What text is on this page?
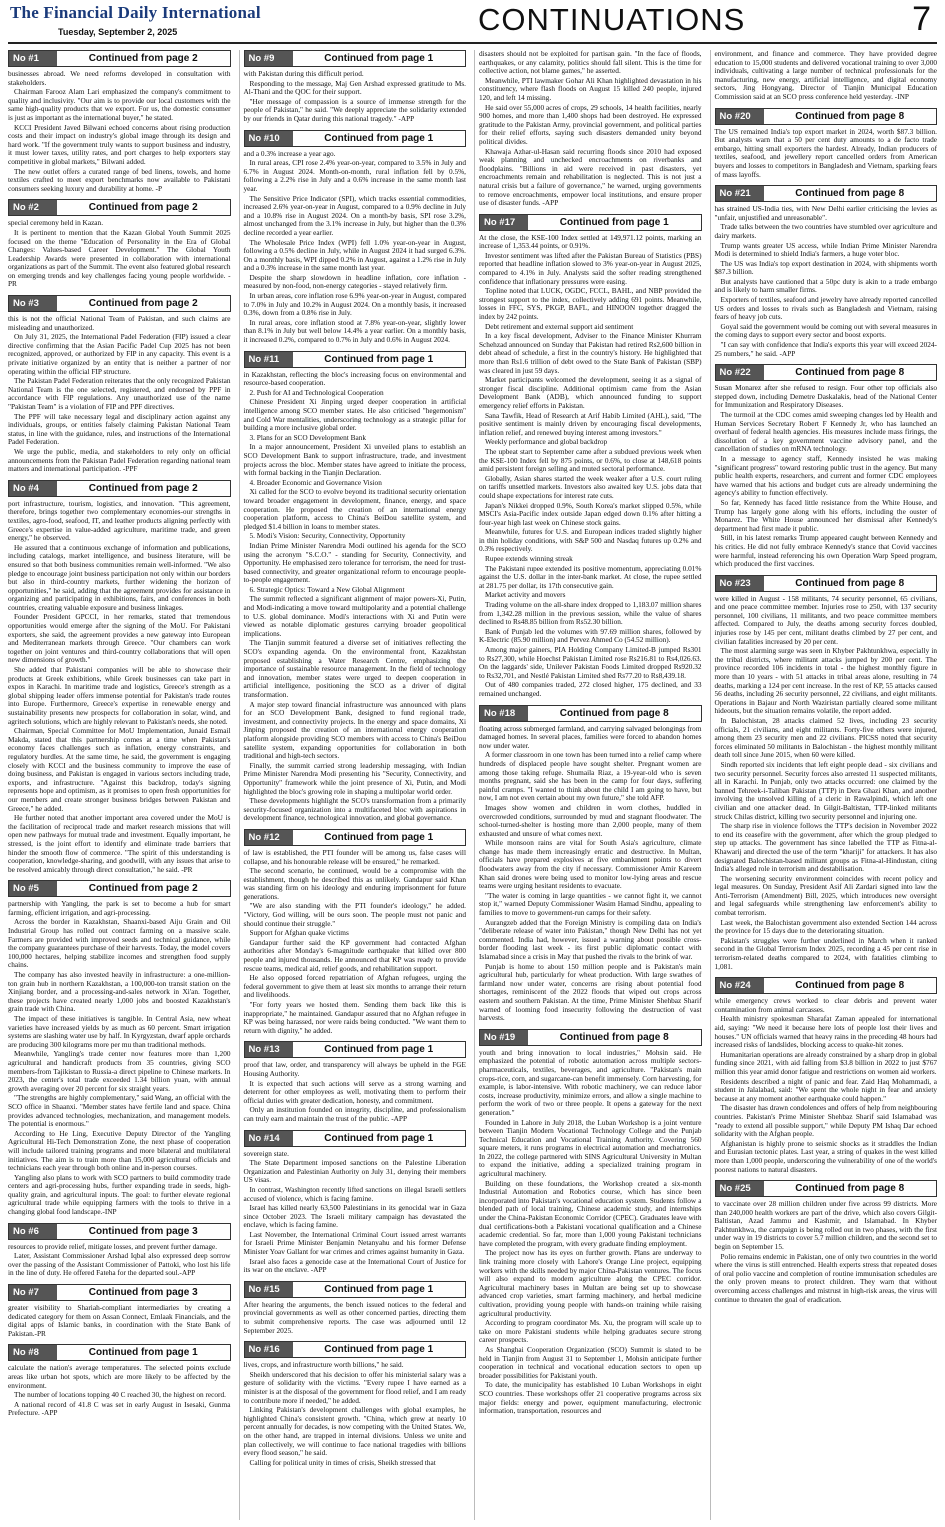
The Financial Daily International
Tuesday, September 2, 2025	CONTINUATIONS	7
No #1	Continued from page 2

businesses abroad. We need reforms developed in consultation with stakeholders.

Chairman Farooz Alam Lari emphasized the company's commitment to quality and inclusivity. "Our aim is to provide our local customers with the same high-quality products that we export. For us, the domestic consumer is just as important as the international buyer," he stated.

KCCI President Javed Bilwani echoed concerns about rising production costs and their impact on industry's global image through its design and hard work. "If the government truly wants to support business and industry, it must lower taxes, utility rates, and port charges to help exporters stay competitive in global markets," Bilwani added.

The new outlet offers a curated range of bed linens, towels, and home textiles crafted to meet export benchmarks now available to Pakistani consumers seeking luxury and durability at home. -P

No #2	Continued from page 2

special ceremony held in Kazan.

It is pertinent to mention that the Kazan Global Youth Summit 2025 focused on the theme "Education of Personality in the Era of Global Changes: Values-based Career Development." The Global Youth Leadership Awards were presented in collaboration with international organizations as part of the Summit. The event also featured global research on emerging trends and key challenges facing young people worldwide. -PR

No #3	Continued from page 2

this is not the official National Team of Pakistan, and such claims are misleading and unauthorized.

On July 31, 2025, the International Padel Federation (FIP) issued a clear directive confirming that the Asian Pacific Padel Cup 2025 has not been recognized, approved, or authorized by FIP in any capacity. This event is a private initiative organized by an entity that is neither a partner of nor operating within the official FIP structure.

The Pakistan Padel Federation reiterates that the only recognized Pakistan National Team is the one selected, registered, and endorsed by PPF in accordance with FIP regulations. Any unauthorized use of the name "Pakistan Team" is a violation of FIP and PPF directives.

The PPF will take necessary legal and disciplinary action against any individuals, groups, or entities falsely claiming Pakistan National Team status, in line with the guidance, rules, and instructions of the International Padel Federation.

We urge the public, media, and stakeholders to rely only on official announcements from the Pakistan Padel Federation regarding national team matters and international participation. -PPF

No #4	Continued from page 2

port infrastructure, tourism, logistics, and innovation. "This agreement, therefore, brings together two complementary economies-our strengths in textiles, agro-food, seafood, IT, and leather products aligning perfectly with Greece's expertise in value-added agriculture, maritime trade, and green energy," he observed.

He assured that a continuous exchange of information and publications, including catalogs, market intelligence, and business literature, will be ensured so that both business communities remain well-informed. "We also pledge to encourage joint business participation not only within our borders but also in third-country markets, further widening the horizon of opportunities," he said, adding that the agreement provides for assistance in organizing and participating in exhibitions, fairs, and conferences in both countries, creating valuable exposure and business linkages.

Founder President GPCCI, in her remarks, stated that tremendous opportunities would emerge after the signing of the MoU. For Pakistani exporters, she said, the agreement provides a new gateway into European and Mediterranean markets through Greece. "Our chambers can work together on joint ventures and third-country collaborations that will open new dimensions of growth."

She added that Pakistani companies will be able to showcase their products at Greek exhibitions, while Greek businesses can take part in expos in Karachi. In maritime trade and logistics, Greece's strength as a global shipping leader offers immense potential for Pakistan's trade routes into Europe. Furthermore, Greece's expertise in renewable energy and sustainability presents new prospects for collaboration in solar, wind, and agritech solutions, which are highly relevant to Pakistan's needs, she noted.

Chairman, Special Committee for MoU Implementation, Junaid Esmail Makda, stated that this partnership comes at a time when Pakistan's economy faces challenges such as inflation, energy constraints, and regulatory hurdles. At the same time, he said, the government is engaging closely with KCCI and the business community to improve the ease of doing business, and Pakistan is engaged in various sectors including trade, exports, and infrastructure. "Against this backdrop, today's signing represents hope and optimism, as it promises to open fresh opportunities for our members and create stronger business bridges between Pakistan and Greece," he added.

He further noted that another important area covered under the MoU is the facilitation of reciprocal trade and market research missions that will open new pathways for mutual trade and investment. Equally important, he stressed, is the joint effort to identify and eliminate trade barriers that hinder the smooth flow of commerce. "The spirit of this understanding is cooperation, knowledge-sharing, and goodwill, with any issues that arise to be resolved amicably through direct consultation," he said. -PR

No #5	Continued from page 2

partnership with Yangling, the park is set to become a hub for smart farming, efficient irrigation, and agri-processing.

Across the border in Kazakhstan, Shaanxi-based Aiju Grain and Oil Industrial Group has rolled out contract farming on a massive scale. Farmers are provided with improved seeds and technical guidance, while the company guarantees purchase of their harvests. Today, the model covers 100,000 hectares, helping stabilize incomes and strengthen food supply chains.

The company has also invested heavily in infrastructure: a one-million-ton grain hub in northern Kazakhstan, a 100,000-ton transit station on the Xinjiang border, and a processing-and-sales network in Xi'an. Together, these projects have created nearly 1,000 jobs and boosted Kazakhstan's grain trade with China.

The impact of these initiatives is tangible. In Central Asia, new wheat varieties have increased yields by as much as 60 percent. Smart irrigation systems are slashing water use by half. In Kyrgyzstan, dwarf apple orchards are producing 300 kilograms more per mu than traditional methods.

Meanwhile, Yangling's trade center now features more than 1,200 agricultural and handicraft products from 35 countries, giving SCO members-from Tajikistan to Russia-a direct pipeline to Chinese markets. In 2023, the center's total trade exceeded 1.34 billion yuan, with annual growth averaging over 20 percent for six straight years.

"The strengths are highly complementary," said Wang, an official with the SCO office in Shaanxi. "Member states have fertile land and space. China provides advanced technologies, mechanization, and management models. The potential is enormous."

According to He Ling, Executive Deputy Director of the Yangling Agricultural Hi-Tech Demonstration Zone, the next phase of cooperation will include tailored training programs and more bilateral and multilateral initiatives. The aim is to train more than 15,000 agricultural officials and technicians each year through both online and in-person courses.

Yangling also plans to work with SCO partners to build commodity trade centers and agri-processing hubs, further expanding trade in seeds, high-quality grain, and agricultural inputs. The goal: to further elevate regional agricultural trade while equipping farmers with the tools to thrive in a changing global food landscape.-INP

No #6	Continued from page 3

resources to provide relief, mitigate losses, and prevent further damage.

Later, Assistant Commissioner Arshad Iqbal also expressed deep sorrow over the passing of the Assistant Commissioner of Pattoki, who lost his life in the line of duty. He offered Fateha for the departed soul.-APP

No #7	Continued from page 3

greater visibility to Shariah-compliant intermediaries by creating a dedicated category for them on Assan Connect, Emlaak Financials, and the digital apps of Islamic banks, in coordination with the State Bank of Pakistan.-PR

No #8	Continued from page 1

calculate the nation's average temperatures. The selected points exclude areas like urban hot spots, which are more likely to be affected by the environment.

The number of locations topping 40 C reached 30, the highest on record.

A national record of 41.8 C was set in early August in Isesaki, Gunma Prefecture. -APP

No #9	Continued from page 1

with Pakistan during this difficult period.

Responding to the message, Maj Gen Arshad expressed gratitude to Ms. Al-Thani and the QOC for their support.

"Her message of compassion is a source of immense strength for the people of Pakistan," he said. "We deeply appreciate the solidarity extended by our friends in Qatar during this national tragedy." -APP

No #10	Continued from page 1

and a 0.3% increase a year ago.

In rural areas, CPI rose 2.4% year-on-year, compared to 3.5% in July and 6.7% in August 2024. Month-on-month, rural inflation fell by 0.5%, following a 2.2% rise in July and a 0.6% increase in the same month last year.

The Sensitive Price Indicator (SPI), which tracks essential commodities, increased 2.6% year-on-year in August, compared to a 0.9% decline in July and a 10.8% rise in August 2024. On a month-by basis, SPI rose 3.2%, almost unchanged from the 3.1% increase in July, but higher than the 0.3% decline recorded a year earlier.

The Wholesale Price Index (WPI) fell 1.0% year-on-year in August, following a 0.5% decline in July, while in August 2024 it had surged 6.3%. On a monthly basis, WPI dipped 0.2% in August, against a 1.2% rise in July and a 0.3% increase in the same month last year.

Despite the sharp slowdown in headline inflation, core inflation - measured by non-food, non-energy categories - stayed relatively firm.

In urban areas, core inflation rose 6.9% year-on-year in August, compared to 7.0% in July and 10.2% in August 2024. On a monthly basis, it increased 0.3%, down from a 0.8% rise in July.

In rural areas, core inflation stood at 7.8% year-on-year, slightly lower than 8.1% in July but well below 14.4% a year earlier. On a monthly basis, it increased 0.2%, compared to 0.7% in July and 0.6% in August 2024.

No #11	Continued from page 1

in Kazakhstan, reflecting the bloc's increasing focus on environmental and resource-based cooperation.

2. Push for AI and Technological Cooperation

Chinese President Xi Jinping urged deeper cooperation in artificial intelligence among SCO member states. He also criticised "hegemonism" and Cold War mentalities, underscoring technology as a strategic pillar for building a more inclusive global order.

3. Plans for an SCO Development Bank

In a major announcement, President Xi unveiled plans to establish an SCO Development Bank to support infrastructure, trade, and investment projects across the bloc. Member states have agreed to initiate the process, with formal backing in the Tianjin Declaration.

4. Broader Economic and Governance Vision

Xi called for the SCO to evolve beyond its traditional security orientation toward broader engagement in development, finance, energy, and space cooperation. He proposed the creation of an international energy cooperation platform, access to China's BeiDou satellite system, and pledged $1.4 billion in loans to member states.

5. Modi's Vision: Security, Connectivity, Opportunity

Indian Prime Minister Narendra Modi outlined his agenda for the SCO using the acronym "S.C.O." - standing for Security, Connectivity, and Opportunity. He emphasised zero tolerance for terrorism, the need for trust-based connectivity, and greater organizational reform to encourage people-to-people engagement.

6. Strategic Optics: Toward a New Global Alignment

The summit reflected a significant alignment of major powers-Xi, Putin, and Modi-indicating a move toward multipolarity and a potential challenge to U.S. global dominance. Modi's interactions with Xi and Putin were viewed as notable diplomatic gestures carrying broader geopolitical implications.

The Tianjin summit featured a diverse set of initiatives reflecting the SCO's expanding agenda. On the environmental front, Kazakhstan proposed establishing a Water Research Centre, emphasizing the importance of sustainable resource management. In the field of technology and innovation, member states were urged to deepen cooperation in artificial intelligence, positioning the SCO as a driver of digital transformation.

A major step toward financial infrastructure was announced with plans for an SCO Development Bank, designed to fund regional trade, investment, and connectivity projects. In the energy and space domains, Xi Jinping proposed the creation of an international energy cooperation platform alongside providing SCO members with access to China's BeiDou satellite system, expanding opportunities for collaboration in both traditional and high-tech sectors.

Finally, the summit carried strong leadership messaging, with Indian Prime Minister Narendra Modi presenting his "Security, Connectivity, and Opportunity" framework while the joint presence of Xi, Putin, and Modi highlighted the bloc's growing role in shaping a multipolar world order.

These developments highlight the SCO's transformation from a primarily security-focused organization into a multifaceted bloc with aspirations in development finance, technological innovation, and global governance.

No #12	Continued from page 1

of law is established, the PTI founder will be among us, false cases will collapse, and his honourable release will be ensured," he remarked.

The second scenario, he continued, would be a compromise with the establishment, though he described this as unlikely. Gandapur said Khan was standing firm on his ideology and enduring imprisonment for future generations.

"We are also standing with the PTI founder's ideology," he added. "Victory, God willing, will be ours soon. The people must not panic and should continue their struggle."

Support for Afghan quake victims

Gandapur further said the KP government had contacted Afghan authorities after Monday's 6-magnitude earthquake that killed over 800 people and injured thousands. He announced that KP was ready to provide rescue teams, medical aid, relief goods, and rehabilitation support.

He also opposed forced repatriation of Afghan refugees, urging the federal government to give them at least six months to arrange their return and livelihoods.

"For forty years we hosted them. Sending them back like this is inappropriate," he maintained. Gandapur assured that no Afghan refugee in KP was being harassed, nor were raids being conducted. "We want them to return with dignity," he added.

No #13	Continued from page 1

proof that law, order, and transparency will always be upheld in the FGE Housing Authority.

It is expected that such actions will serve as a strong warning and deterrent for other employees as well, motivating them to perform their official duties with greater dedication, honesty, and commitment.

Only an institution founded on integrity, discipline, and professionalism can truly earn and maintain the trust of the public. -APP

No #14	Continued from page 1

sovereign state.

The State Department imposed sanctions on the Palestine Liberation Organization and Palestinian Authority on July 31, denying their members US visas.

In contrast, Washington recently lifted sanctions on illegal Israeli settlers accused of violence, which is facing famine.

Israel has killed nearly 63,500 Palestinians in its genocidal war in Gaza since October 2023. The Israeli military campaign has devastated the enclave, which is facing famine.

Last November, the International Criminal Court issued arrest warrants for Israeli Prime Minister Benjamin Netanyahu and his former Defense Minister Yoav Gallant for war crimes and crimes against humanity in Gaza.

Israel also faces a genocide case at the International Court of Justice for its war on the enclave. -APP

No #15	Continued from page 1

After hearing the arguments, the bench issued notices to the federal and provincial governments as well as other concerned parties, directing them to submit comprehensive reports. The case was adjourned until 12 September 2025.

No #16	Continued from page 1

lives, crops, and infrastructure worth billions," he said.

Sheikh underscored that his decision to offer his ministerial salary was a gesture of solidarity with the victims. "Every rupee I have earned as a minister is at the disposal of the government for flood relief, and I am ready to contribute more if needed," he added.

Linking Pakistan's development challenges with global examples, he highlighted China's consistent growth. "China, which grew at nearly 10 percent annually for decades, is now competing with the United States. We, on the other hand, are trapped in internal divisions. Unless we unite and plan collectively, we will continue to face national tragedies with billions every flood season," he said.

Calling for political unity in times of crisis, Sheikh stressed that

disasters should not be exploited for partisan gain. "In the face of floods, earthquakes, or any calamity, politics should fall silent. This is the time for collective action, not blame games," he asserted.

Meanwhile, PTI lawmaker Gohar Ali Khan highlighted devastation in his constituency, where flash floods on August 15 killed 240 people, injured 120, and left 14 missing.

He said over 55,000 acres of crops, 29 schools, 14 health facilities, nearly 900 homes, and more than 1,400 shops had been destroyed. He expressed gratitude to the Pakistan Army, provincial government, and political parties for their relief efforts, saying such disasters demanded unity beyond political divides.

Khawaja Azhar-ul-Hasan said recurring floods since 2010 had exposed weak planning and unchecked encroachments on riverbanks and floodplains. "Billions in aid were received in past disasters, yet encroachments remain and rehabilitation is neglected. This is not just a natural crisis but a failure of governance," he warned, urging governments to remove encroachments, empower local institutions, and ensure proper use of disaster funds. -APP

No #17	Continued from page 1

At the close, the KSE-100 Index settled at 149,971.12 points, marking an increase of 1,353.44 points, or 0.91%.

Investor sentiment was lifted after the Pakistan Bureau of Statistics (PBS) reported that headline inflation slowed to 3% year-on-year in August 2025, compared to 4.1% in July. Analysts said the softer reading strengthened confidence that inflationary pressures were easing.

Topline noted that LUCK, OGDC, FCCL, BAHL, and NBP provided the strongest support to the index, collectively adding 691 points. Meanwhile, losses in FFC, SYS, PKGP, BAFL, and HINOON together dragged the index by 242 points.

Debt retirement and external support aid sentiment

In a key fiscal development, Adviser to the Finance Minister Khurram Schehzad announced on Sunday that Pakistan had retired Rs2,600 billion in debt ahead of schedule, a first in the country's history. He highlighted that more than Rs1.6 trillion of debt owed to the State Bank of Pakistan (SBP) was cleared in just 59 days.

Market participants welcomed the development, seeing it as a signal of stronger fiscal discipline. Additional optimism came from the Asian Development Bank (ADB), which announced funding to support emergency relief efforts in Pakistan.

Sana Tawfik, Head of Research at Arif Habib Limited (AHL), said, "The positive sentiment is mainly driven by encouraging fiscal developments, inflation relief, and renewed buying interest among investors."

Weekly performance and global backdrop

The upbeat start to September came after a subdued previous week when the KSE-100 Index fell by 875 points, or 0.6%, to close at 148,618 points amid persistent foreign selling and muted sectoral performance.

Globally, Asian shares started the week weaker after a U.S. court ruling on tariffs unsettled markets. Investors also awaited key U.S. jobs data that could shape expectations for interest rate cuts.

Japan's Nikkei dropped 0.9%, South Korea's market slipped 0.5%, while MSCI's Asia-Pacific index outside Japan edged down 0.1% after hitting a four-year high last week on Chinese stock gains.

Meanwhile, futures for U.S. and European indices traded slightly higher in thin holiday conditions, with S&P 500 and Nasdaq futures up 0.2% and 0.3% respectively.

Rupee extends winning streak

The Pakistani rupee extended its positive momentum, appreciating 0.01% against the U.S. dollar in the inter-bank market. At close, the rupee settled at 281.75 per dollar, its 17th consecutive gain.

Market activity and movers

Trading volume on the all-share index dropped to 1,183.07 million shares from 1,342.28 million in the previous session, while the value of shares declined to Rs48.85 billion from Rs52.30 billion.

Bank of Punjab led the volumes with 97.69 million shares, followed by K-Electric (85.90 million) and Pervez Ahmed Co (54.52 million).

Among major gainers, PIA Holding Company Limited-B jumped Rs301 to Rs27,300, while Hoechst Pakistan Limited rose Rs216.81 to Rs4,026.63. On the laggards' side, Unilever Pakistan Foods Limited dropped Rs920.32 to Rs32,701, and Nestlé Pakistan Limited shed Rs77.20 to Rs8,439.18.

Out of 480 companies traded, 272 closed higher, 175 declined, and 33 remained unchanged.

No #18	Continued from page 8

floating across submerged farmland, and carrying salvaged belongings from damaged homes. In several places, families were forced to abandon homes now under water.

A former classroom in one town has been turned into a relief camp where hundreds of displaced people have sought shelter. Pregnant women are among those taking refuge. Shumaila Riaz, a 19-year-old who is seven months pregnant, said she has been in the camp for four days, suffering painful cramps. "I wanted to think about the child I am going to have, but now, I am not even certain about my own future," she told AFP.

Images show women and children in worn clothes, huddled in overcrowded conditions, surrounded by mud and stagnant floodwater. The school-turned-shelter is hosting more than 2,000 people, many of them exhausted and unsure of what comes next.

While monsoon rains are vital for South Asia's agriculture, climate change has made them increasingly erratic and destructive. In Multan, officials have prepared explosives at five embankment points to divert floodwaters away from the city if necessary. Commissioner Amir Kareem Khan said drones were being used to monitor low-lying areas and rescue teams were urging hesitant residents to evacuate.

"The water is coming in large quantities - we cannot fight it, we cannot stop it," warned Deputy Commissioner Wasim Hamad Sindhu, appealing to families to move to government-run camps for their safety.

Aurangzeb added that the Foreign Ministry is compiling data on India's "deliberate release of water into Pakistan," though New Delhi has not yet commented. India had, however, issued a warning about possible cross-border flooding last week - its first public diplomatic contact with Islamabad since a crisis in May that pushed the rivals to the brink of war.

Punjab is home to about 150 million people and is Pakistan's main agricultural hub, particularly for wheat production. With large swathes of farmland now under water, concerns are rising about potential food shortages, reminiscent of the 2022 floods that wiped out crops across eastern and southern Pakistan. At the time, Prime Minister Shehbaz Sharif warned of looming food insecurity following the destruction of vast harvests.

No #19	Continued from page 8

youth and bring innovation to local industries," Mohsin said. He emphasized the potential of robotic automation across multiple sectors-pharmaceuticals, textiles, beverages, and agriculture. "Pakistan's main crops-rice, corn, and sugarcane-can benefit immensely. Corn harvesting, for example, is labor-intensive. With robotic machinery, we can reduce labor costs, increase productivity, minimize errors, and allow a single machine to perform the work of two or three people. It opens a gateway for the next generation."

Founded in Lahore in July 2018, the Luban Workshop is a joint venture between Tianjin Modern Vocational Technology College and the Punjab Technical Education and Vocational Training Authority. Covering 560 square meters, it runs programs in electrical automation and mechatronics. In 2022, the college partnered with SINS Agricultural University in Multan to expand the initiative, adding a specialized training program in agricultural machinery.

Building on these foundations, the Workshop created a six-month Industrial Automation and Robotics course, which has since been incorporated into Pakistan's vocational education system. Students follow a blended path of local training, Chinese academic study, and internships under the China-Pakistan Economic Corridor (CPEC). Graduates leave with dual certifications-both a Pakistani vocational qualification and a Chinese academic credential. So far, more than 1,000 young Pakistani technicians have completed the program, with every graduate finding employment.

The project now has its eyes on further growth. Plans are underway to link training more closely with Lahore's Orange Line project, equipping workers with the skills needed by major China-Pakistan ventures. The focus will also expand to modern agriculture along the CPEC corridor. Agricultural machinery bases in Multan are being set up to showcase advanced crop varieties, smart farming machinery, and herbal medicine cultivation, providing young people with hands-on training while raising agricultural productivity.

According to program coordinator Ms. Xu, the program will scale up to take on more Pakistani students while helping graduates secure strong career prospects.

As Shanghai Cooperation Organization (SCO) Summit is slated to be held in Tianjin from August 31 to September 1, Mohsin anticipate further cooperation in technical and vocational education sectors to open up broader possibilities for Pakistani youth.

To date, the municipality has established 10 Luban Workshops in eight SCO countries. These workshops offer 21 cooperative programs across six major fields: energy and power, equipment manufacturing, electronic information, transportation, resources and

environment, and finance and commerce. They have provided degree education to 15,000 students and delivered vocational training to over 3,000 individuals, cultivating a large number of technical professionals for the manufacturing, new energy, artificial intelligence, and digital economy sectors, Jing Hongyang, Director of Tianjin Municipal Education Commission said at an SCO press conference held yesterday. -INP

No #20	Continued from page 8

The US remained India's top export market in 2024, worth $87.3 billion. But analysts warn that a 50 per cent duty amounts to a de facto trade embargo, hitting small exporters the hardest. Already, Indian producers of textiles, seafood, and jewellery report cancelled orders from American buyers and losses to competitors in Bangladesh and Vietnam, sparking fears of mass layoffs.

No #21	Continued from page 8

has strained US-India ties, with New Delhi earlier criticising the levies as "unfair, unjustified and unreasonable".

Trade talks between the two countries have stumbled over agriculture and dairy markets.

Trump wants greater US access, while Indian Prime Minister Narendra Modi is determined to shield India's farmers, a huge voter bloc.

The US was India's top export destination in 2024, with shipments worth $87.3 billion.

But analysts have cautioned that a 50pc duty is akin to a trade embargo and is likely to harm smaller firms.

Exporters of textiles, seafood and jewelry have already reported cancelled US orders and losses to rivals such as Bangladesh and Vietnam, raising fears of heavy job cuts.

Goyal said the government would be coming out with several measures in the coming days to support every sector and boost exports.

"I can say with confidence that India's exports this year will exceed 2024-25 numbers," he said. -APP

No #22	Continued from page 8

Susan Monarez after she refused to resign. Four other top officials also stepped down, including Demetre Daskalakis, head of the National Center for Immunization and Respiratory Diseases.

The turmoil at the CDC comes amid sweeping changes led by Health and Human Services Secretary Robert F Kennedy Jr, who has launched an overhaul of federal health agencies. His measures include mass firings, the dissolution of a key government vaccine advisory panel, and the cancellation of studies on mRNA technology.

In a message to agency staff, Kennedy insisted he was making "significant progress" toward restoring public trust in the agency. But many public health experts, researchers, and current and former CDC employees have warned that his actions and budget cuts are already undermining the agency's ability to function effectively.

So far, Kennedy has faced little resistance from the White House, and Trump has largely gone along with his efforts, including the ouster of Monarez. The White House announced her dismissal after Kennedy's department had first made it public.

Still, in his latest remarks Trump appeared caught between Kennedy and his critics. He did not fully embrace Kennedy's stance that Covid vaccines were harmful, instead referencing his own Operation Warp Speed program, which produced the first vaccines.

No #23	Continued from page 8

were killed in August - 158 militants, 74 security personnel, 65 civilians, and one peace committee member. Injuries rose to 250, with 137 security personnel, 100 civilians, 11 militants, and two peace committee members affected. Compared to July, the deaths among security forces doubled, injuries rose by 145 per cent, militant deaths climbed by 27 per cent, and civilian fatalities increased by 20 per cent.

The most alarming surge was seen in Khyber Pakhtunkhwa, especially in the tribal districts, where militant attacks jumped by 200 per cent. The province recorded 106 incidents in total - the highest monthly figure in more than 10 years - with 51 attacks in tribal areas alone, resulting in 74 deaths, marking a 124 per cent increase. In the rest of KP, 55 attacks caused 56 deaths, including 26 security personnel, 22 civilians, and eight militants. Operations in Bajaur and North Waziristan partially cleared some militant hideouts, but the situation remains volatile, the report added.

In Balochistan, 28 attacks claimed 52 lives, including 23 security officials, 21 civilians, and eight militants. Forty-five others were injured, among them 23 security men and 22 civilians. PICSS noted that security forces eliminated 50 militants in Balochistan - the highest monthly militant death toll since June 2015, when 60 were killed.

Sindh reported six incidents that left eight people dead - six civilians and two security personnel. Security forces also arrested 11 suspected militants, all in Karachi. In Punjab, only two attacks occurred: one claimed by the banned Tehreek-i-Taliban Pakistan (TTP) in Dera Ghazi Khan, and another involving the unsolved killing of a cleric in Rawalpindi, which left one civilian and one attacker dead. In Gilgit-Baltistan, TTP-linked militants struck Chilas district, killing two security personnel and injuring one.

The sharp rise in violence follows the TTP's decision in November 2022 to end its ceasefire with the government, after which the group pledged to step up attacks. The government has since labelled the TTP as Fitna-al-Khawarij and directed the use of the term "khariji" for attackers. It has also designated Balochistan-based militant groups as Fitna-al-Hindustan, citing India's alleged role in terrorism and destabilisation.

The worsening security environment coincides with recent policy and legal measures. On Sunday, President Asif Ali Zardari signed into law the Anti-Terrorism (Amendment) Bill, 2025, which introduces new oversight and legal safeguards while strengthening law enforcement's ability to combat terrorism.

Last week, the Balochistan government also extended Section 144 across the province for 15 days due to the deteriorating situation.

Pakistan's struggles were further underlined in March when it ranked second in the Global Terrorism Index 2025, recording a 45 per cent rise in terrorism-related deaths compared to 2024, with fatalities climbing to 1,081.

No #24	Continued from page 8

while emergency crews worked to clear debris and prevent water contamination from animal carcasses.

Health ministry spokesman Sharafat Zaman appealed for international aid, saying: "We need it because here lots of people lost their lives and houses." UN officials warned that heavy rains in the preceding 48 hours had increased risks of landslides, blocking access to quake-hit zones.

Humanitarian operations are already constrained by a sharp drop in global funding since 2021, with aid falling from $3.8 billion in 2022 to just $767 million this year amid donor fatigue and restrictions on women aid workers.

Residents described a night of panic and fear. Zaid Haq Mohammadi, a student in Jalalabad, said: "We spent the whole night in fear and anxiety because at any moment another earthquake could happen."

The disaster has drawn condolences and offers of help from neighbouring countries. Pakistan's Prime Minister Shehbaz Sharif said Islamabad was "ready to extend all possible support," while Deputy PM Ishaq Dar echoed solidarity with the Afghan people.

Afghanistan is highly prone to seismic shocks as it straddles the Indian and Eurasian tectonic plates. Last year, a string of quakes in the west killed more than 1,000 people, underscoring the vulnerability of one of the world's poorest nations to natural disasters.

No #25	Continued from page 8

to vaccinate over 28 million children under five across 99 districts. More than 240,000 health workers are part of the drive, which also covers Gilgit-Baltistan, Azad Jammu and Kashmir, and Islamabad. In Khyber Pakhtunkhwa, the campaign is being rolled out in two phases, with the first under way in 19 districts to cover 5.7 million children, and the second set to begin on September 15.

Polio remains endemic in Pakistan, one of only two countries in the world where the virus is still entrenched. Health experts stress that repeated doses of oral polio vaccine and completion of routine immunisation schedules are the only proven means to protect children. They warn that without overcoming access challenges and mistrust in high-risk areas, the virus will continue to threaten the goal of eradication.
